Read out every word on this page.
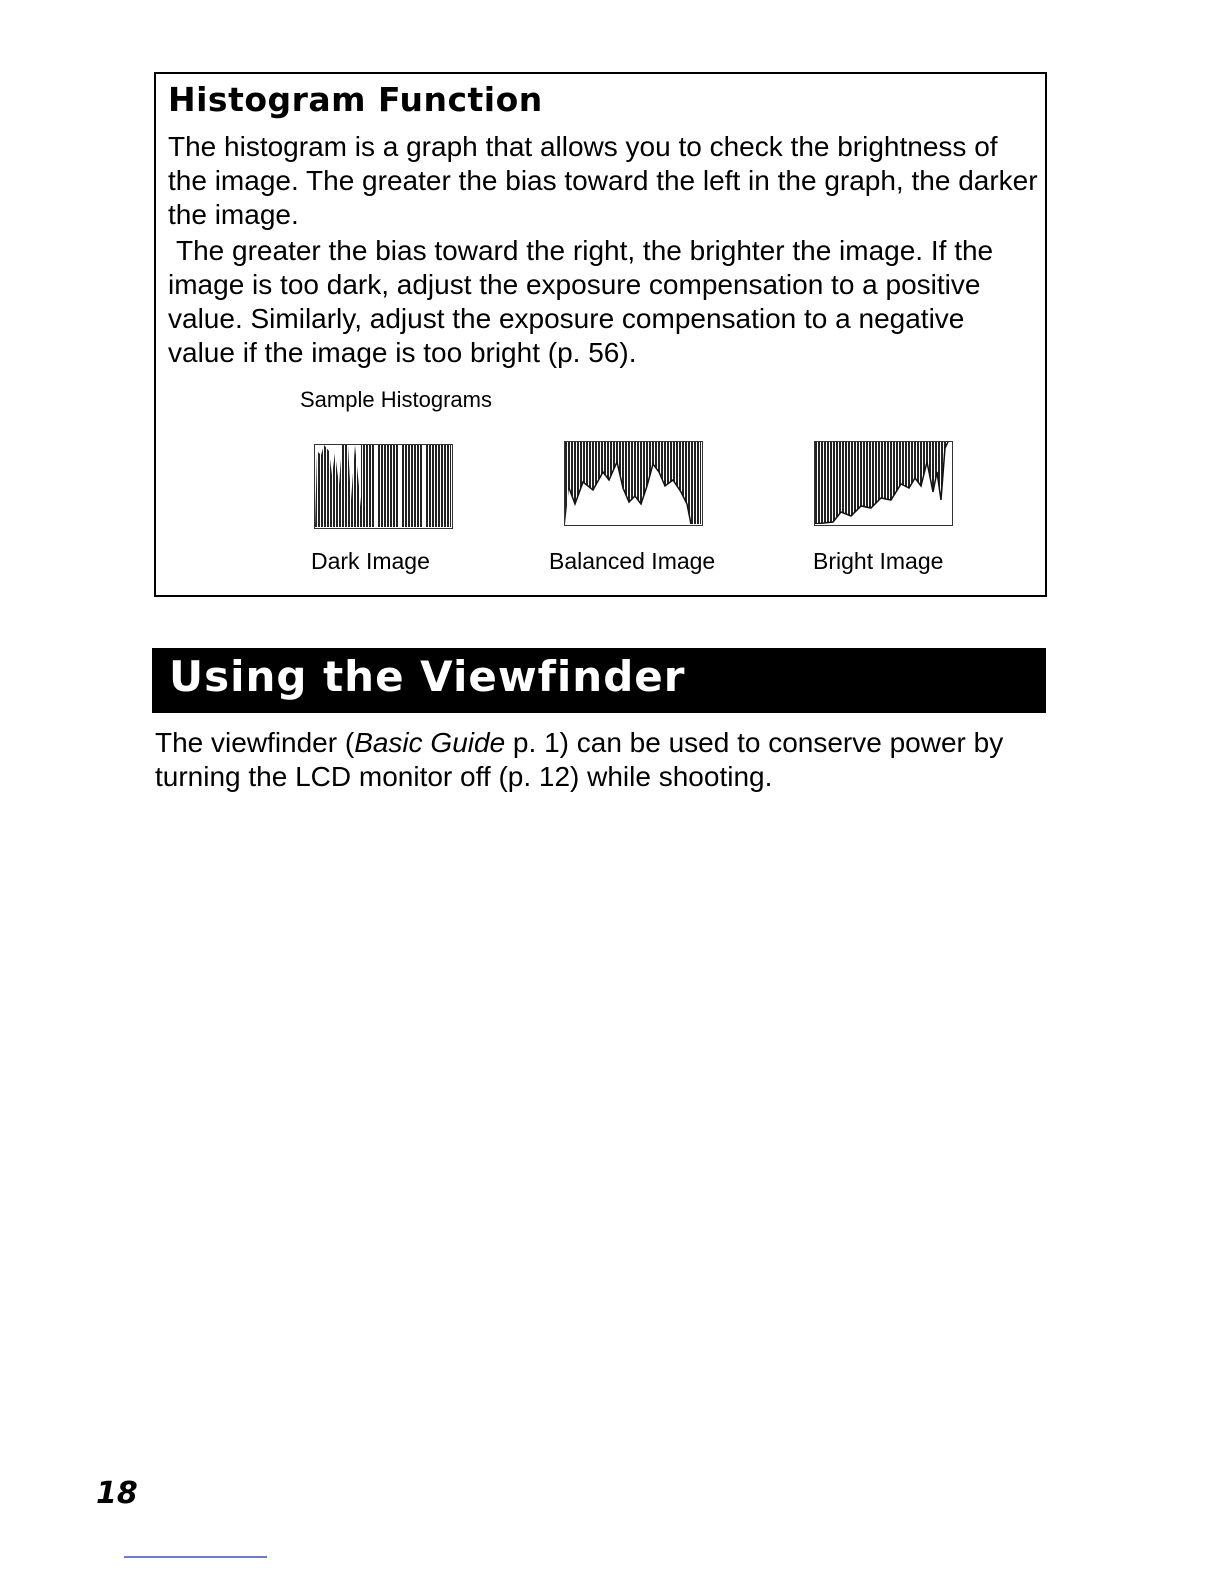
Histogram Function

The histogram is a graph that allows you to check the brightness of the image. The greater the bias toward the left in the graph, the darker the image.

The greater the bias toward the right, the brighter the image. If the image is too dark, adjust the exposure compensation to a positive value. Similarly, adjust the exposure compensation to a negative value if the image is too bright (p. 56).

Sample Histograms
Dark Image	Balanced Image	Bright Image
Using the Viewfinder

The viewfinder (Basic Guide p. 1) can be used to conserve power by turning the LCD monitor off (p. 12) while shooting.

18
